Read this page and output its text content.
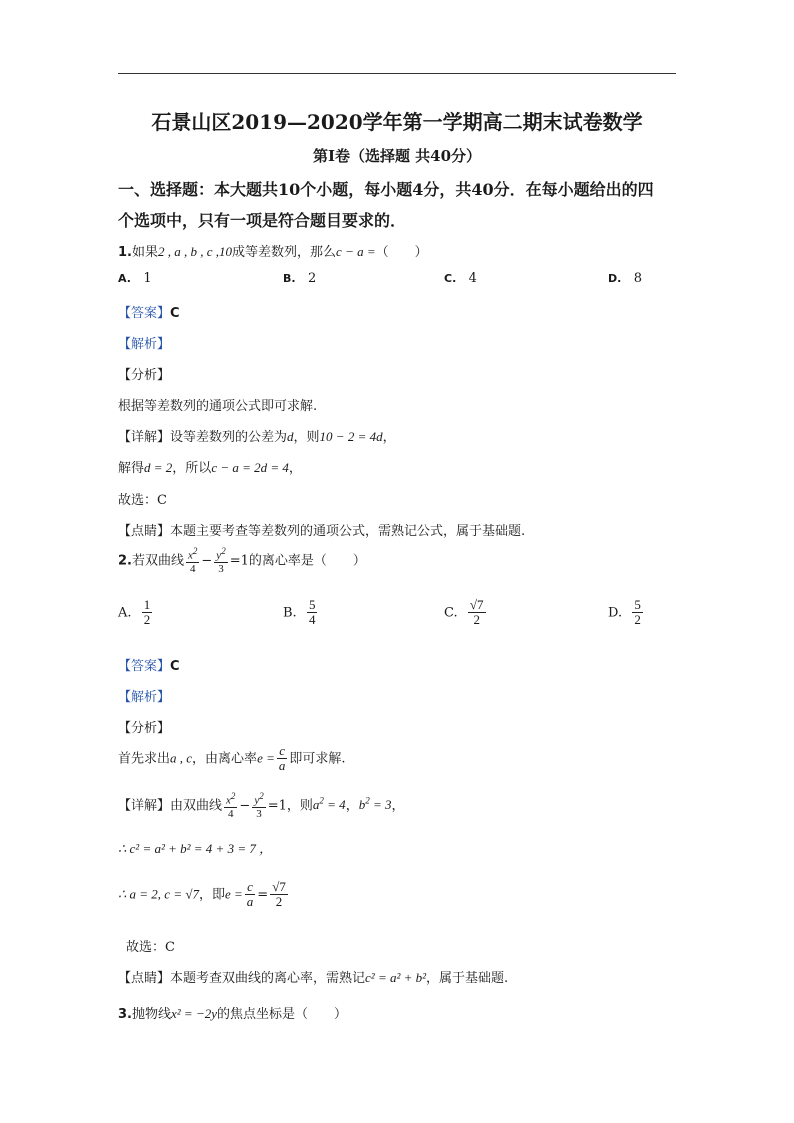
石景山区2019—2020学年第一学期高二期末试卷数学
第Ⅰ卷（选择题 共40分）
一、选择题：本大题共10个小题，每小题4分，共40分．在每小题给出的四
个选项中，只有一项是符合题目要求的．
1.如果2 , a , b , c ,10成等差数列，那么c − a =（　　）
A. 1	B. 2	C. 4	D. 8
【答案】C
【解析】
【分析】
根据等差数列的通项公式即可求解.
【详解】设等差数列的公差为d，则10 − 2 = 4d，
解得d = 2，所以c − a = 2d = 4，
故选：C
【点睛】本题主要考查等差数列的通项公式，需熟记公式，属于基础题.
2.若双曲线 $\frac{x^2}{4} - \frac{y^2}{3} =1$的离心率是（　　）
A. $\frac{1}{2}$	B. $\frac{5}{4}$	C. $\frac{√7}{2}$	D. $\frac{5}{2}$
【答案】C
【解析】
【分析】
首先求出a , c，由离心率$e = \frac{c}{a}$ 即可求解.
【详解】由双曲线 $\frac{x^2}{4} - \frac{y^2}{3} =1$，则$a^2 = 4$，$b^2 = 3$，
∴ c² = a² + b² = 4 + 3 = 7 ，
∴ a = 2, c = √7，即$e = \frac{c}{a} = \frac{√7}{2}$
故选：C
【点睛】本题考查双曲线的离心率，需熟记c² = a² + b²，属于基础题.
3.抛物线x² = −2y的焦点坐标是（　　）
